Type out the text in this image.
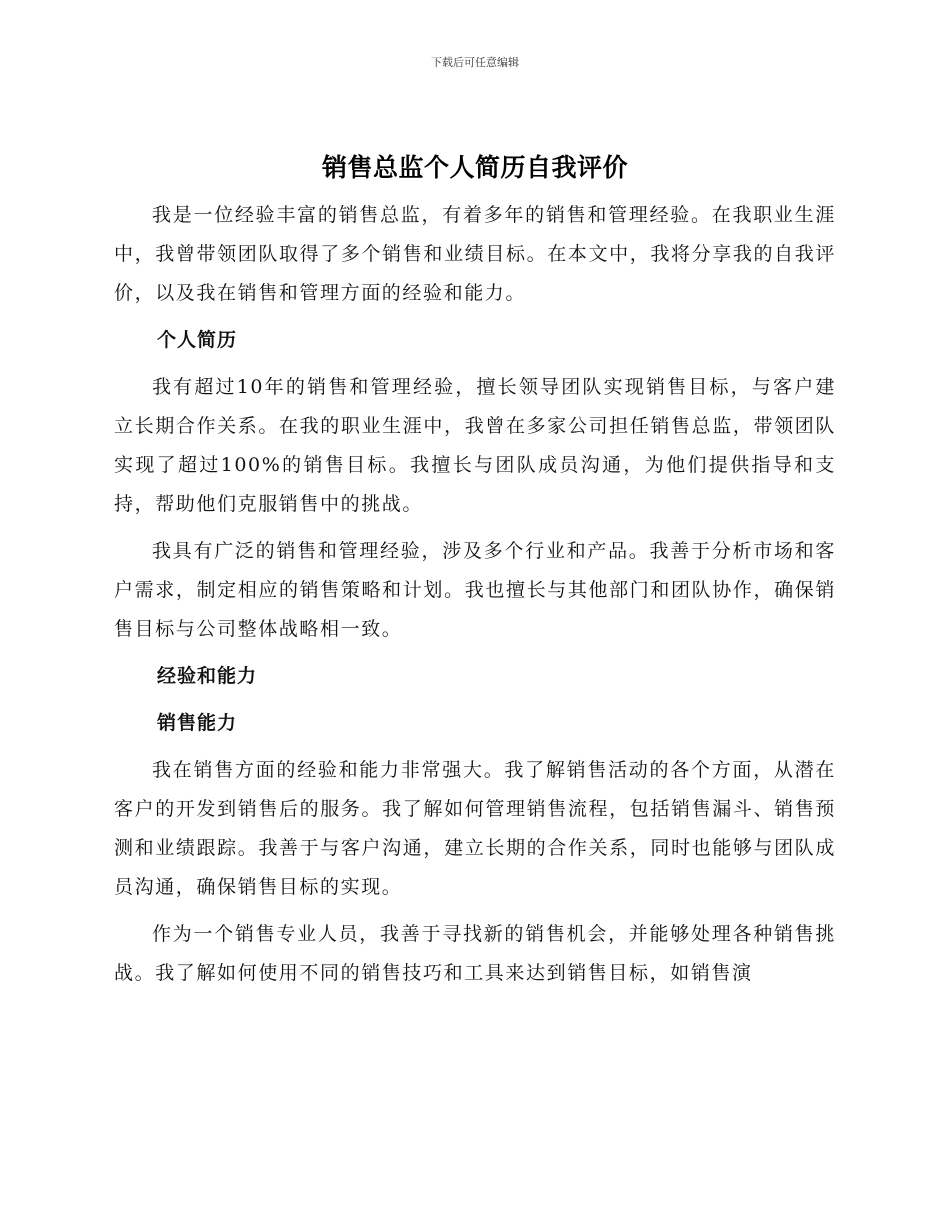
下载后可任意编辑
销售总监个人简历自我评价

我是一位经验丰富的销售总监，有着多年的销售和管理经验。在我职业生涯中，我曾带领团队取得了多个销售和业绩目标。在本文中，我将分享我的自我评价，以及我在销售和管理方面的经验和能力。

个人简历

我有超过10年的销售和管理经验，擅长领导团队实现销售目标，与客户建立长期合作关系。在我的职业生涯中，我曾在多家公司担任销售总监，带领团队实现了超过100%的销售目标。我擅长与团队成员沟通，为他们提供指导和支持，帮助他们克服销售中的挑战。

我具有广泛的销售和管理经验，涉及多个行业和产品。我善于分析市场和客户需求，制定相应的销售策略和计划。我也擅长与其他部门和团队协作，确保销售目标与公司整体战略相一致。

经验和能力
销售能力

我在销售方面的经验和能力非常强大。我了解销售活动的各个方面，从潜在客户的开发到销售后的服务。我了解如何管理销售流程，包括销售漏斗、销售预测和业绩跟踪。我善于与客户沟通，建立长期的合作关系，同时也能够与团队成员沟通，确保销售目标的实现。

作为一个销售专业人员，我善于寻找新的销售机会，并能够处理各种销售挑战。我了解如何使用不同的销售技巧和工具来达到销售目标，如销售演
